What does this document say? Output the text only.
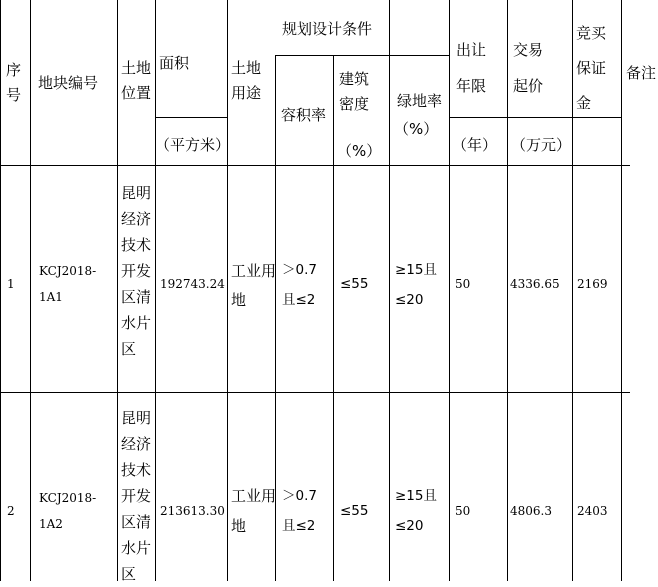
序号
地块编号
土地位置
面积
（平方米）
土地用途
规划设计条件
容积率
建筑密度
（%）
绿地率
（%）
出让年限
（年）
交易起价
（万元）
竞买保证金
备注
1
KCJ2018-
1A1
昆明经济技术开发区清水片区
192743.24
工业用
地
＞0.7
且≤2
≤55
≥15且
≤20
50	4336.65 2169
2
KCJ2018-
1A2
昆明经济技术开发区清水片区
213613.30
工业用
地
＞0.7
且≤2
≤55
≥15且
≤20
50	4806.3 2403
